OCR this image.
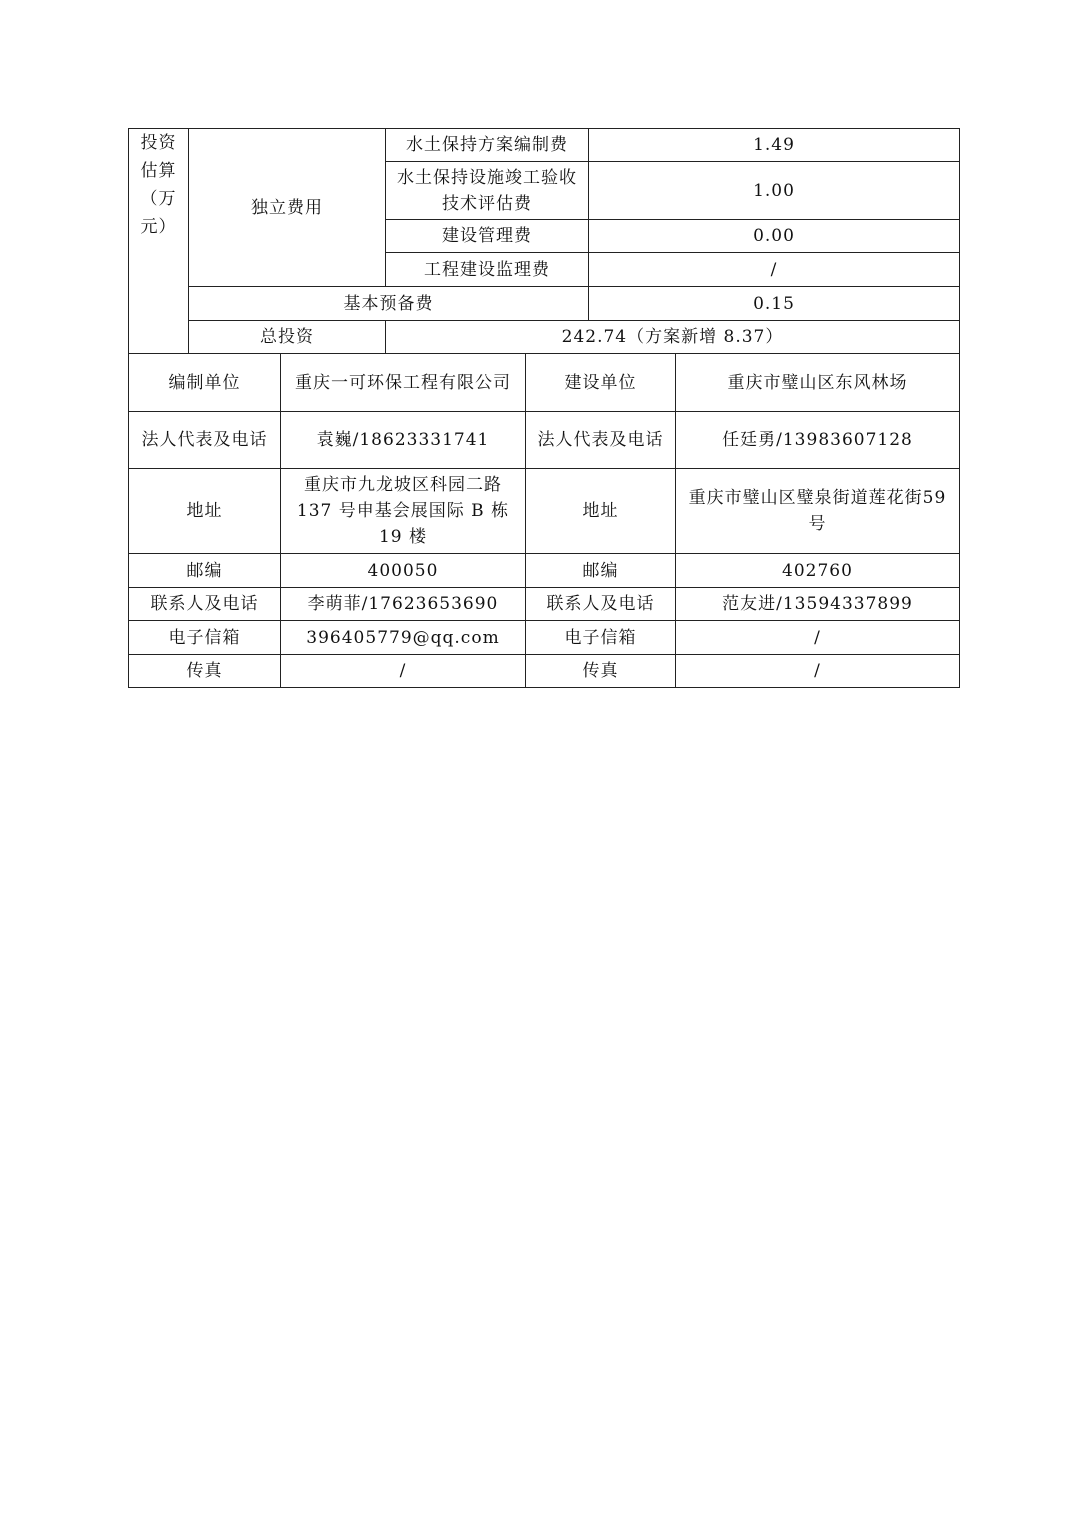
投资估算（万元）	独立费用	水土保持方案编制费	1.49
		水土保持设施竣工验收技术评估费	1.00
		建设管理费	0.00
		工程建设监理费	/
	基本预备费		0.15
	总投资	242.74（方案新增 8.37）	
编制单位	重庆一可环保工程有限公司	建设单位	重庆市璧山区东风林场
法人代表及电话	袁巍/18623331741	法人代表及电话	任廷勇/13983607128
地址	重庆市九龙坡区科园二路137 号申基会展国际 B 栋19 楼	地址	重庆市璧山区璧泉街道莲花街59 号
邮编	400050	邮编	402760
联系人及电话	李萌菲/17623653690	联系人及电话	范友进/13594337899
电子信箱	396405779@qq.com	电子信箱	/
传真	/	传真	/
